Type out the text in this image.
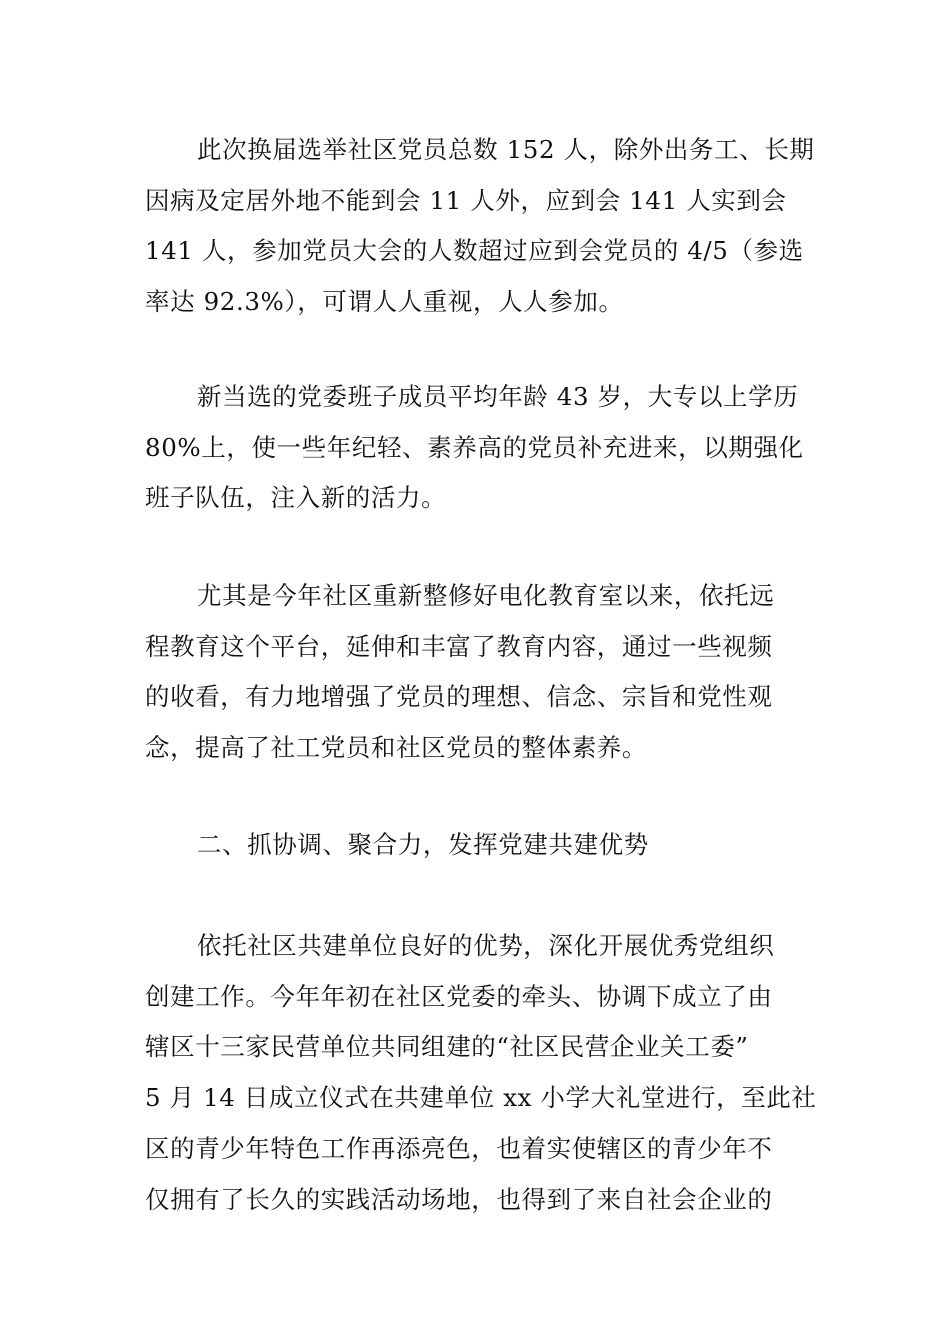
此次换届选举社区党员总数 152 人，除外出务工、长期
因病及定居外地不能到会 11 人外，应到会 141 人实到会
141 人，参加党员大会的人数超过应到会党员的 4/5（参选
率达 92.3%），可谓人人重视，人人参加。

新当选的党委班子成员平均年龄 43 岁，大专以上学历
80%上，使一些年纪轻、素养高的党员补充进来，以期强化
班子队伍，注入新的活力。

尤其是今年社区重新整修好电化教育室以来，依托远
程教育这个平台，延伸和丰富了教育内容，通过一些视频
的收看，有力地增强了党员的理想、信念、宗旨和党性观
念，提高了社工党员和社区党员的整体素养。

二、抓协调、聚合力，发挥党建共建优势

依托社区共建单位良好的优势，深化开展优秀党组织
创建工作。今年年初在社区党委的牵头、协调下成立了由
辖区十三家民营单位共同组建的“社区民营企业关工委”
5 月 14 日成立仪式在共建单位 xx 小学大礼堂进行，至此社
区的青少年特色工作再添亮色，也着实使辖区的青少年不
仅拥有了长久的实践活动场地，也得到了来自社会企业的
